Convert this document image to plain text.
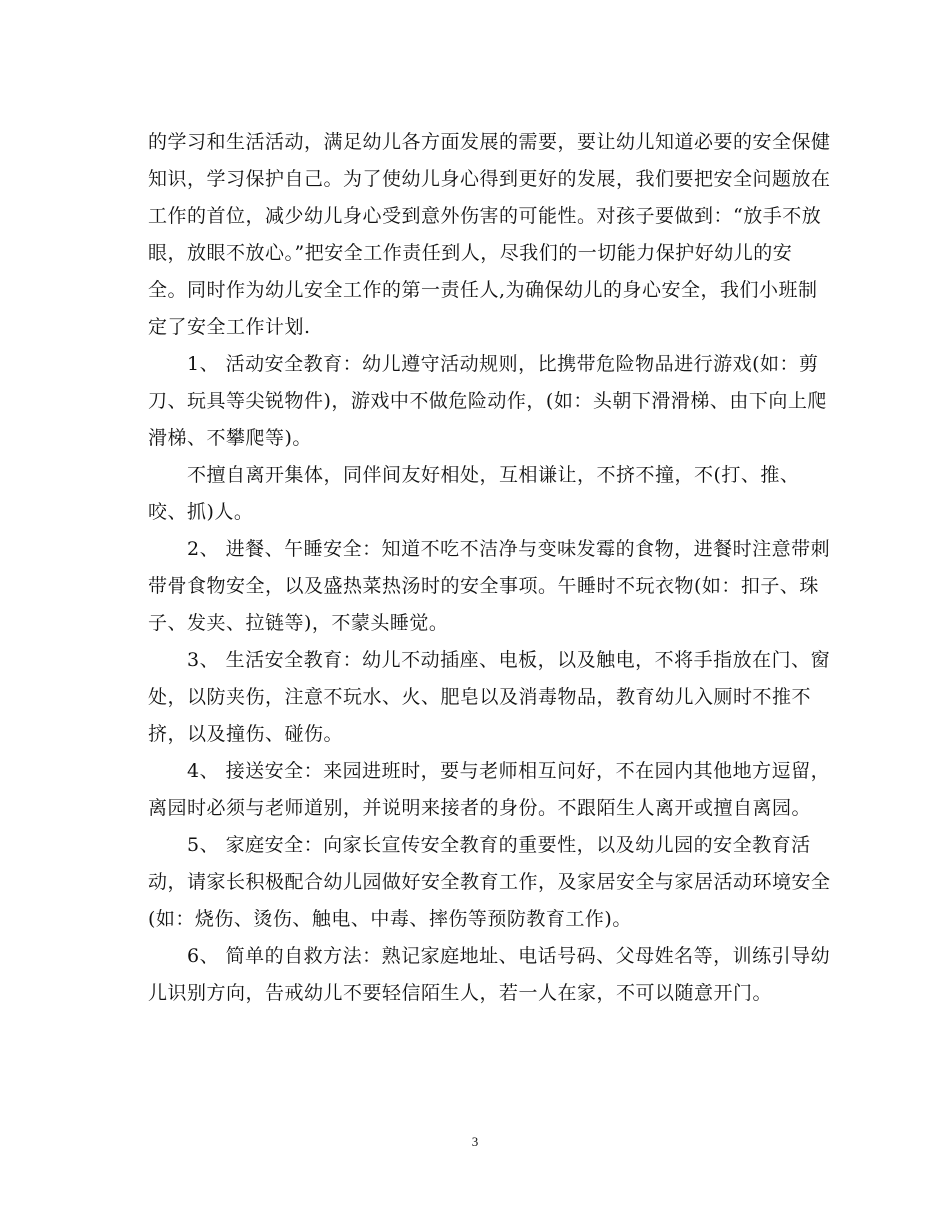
的学习和生活活动，满足幼儿各方面发展的需要，要让幼儿知道必要的安全保健
知识，学习保护自己。为了使幼儿身心得到更好的发展，我们要把安全问题放在
工作的首位，减少幼儿身心受到意外伤害的可能性。对孩子要做到：“放手不放
眼，放眼不放心。”把安全工作责任到人，尽我们的一切能力保护好幼儿的安
全。同时作为幼儿安全工作的第一责任人,为确保幼儿的身心安全，我们小班制
定了安全工作计划.
1、 活动安全教育：幼儿遵守活动规则，比携带危险物品进行游戏(如：剪
刀、玩具等尖锐物件)，游戏中不做危险动作，(如：头朝下滑滑梯、由下向上爬
滑梯、不攀爬等)。
不擅自离开集体，同伴间友好相处，互相谦让，不挤不撞，不(打、推、
咬、抓)人。
2、 进餐、午睡安全：知道不吃不洁净与变味发霉的食物，进餐时注意带刺
带骨食物安全，以及盛热菜热汤时的安全事项。午睡时不玩衣物(如：扣子、珠
子、发夹、拉链等)，不蒙头睡觉。
3、 生活安全教育：幼儿不动插座、电板，以及触电，不将手指放在门、窗
处，以防夹伤，注意不玩水、火、肥皂以及消毒物品，教育幼儿入厕时不推不
挤，以及撞伤、碰伤。
4、 接送安全：来园进班时，要与老师相互问好，不在园内其他地方逗留，
离园时必须与老师道别，并说明来接者的身份。不跟陌生人离开或擅自离园。
5、 家庭安全：向家长宣传安全教育的重要性，以及幼儿园的安全教育活
动，请家长积极配合幼儿园做好安全教育工作，及家居安全与家居活动环境安全
(如：烧伤、烫伤、触电、中毒、摔伤等预防教育工作)。
6、 简单的自救方法：熟记家庭地址、电话号码、父母姓名等，训练引导幼
儿识别方向，告戒幼儿不要轻信陌生人，若一人在家，不可以随意开门。
3
